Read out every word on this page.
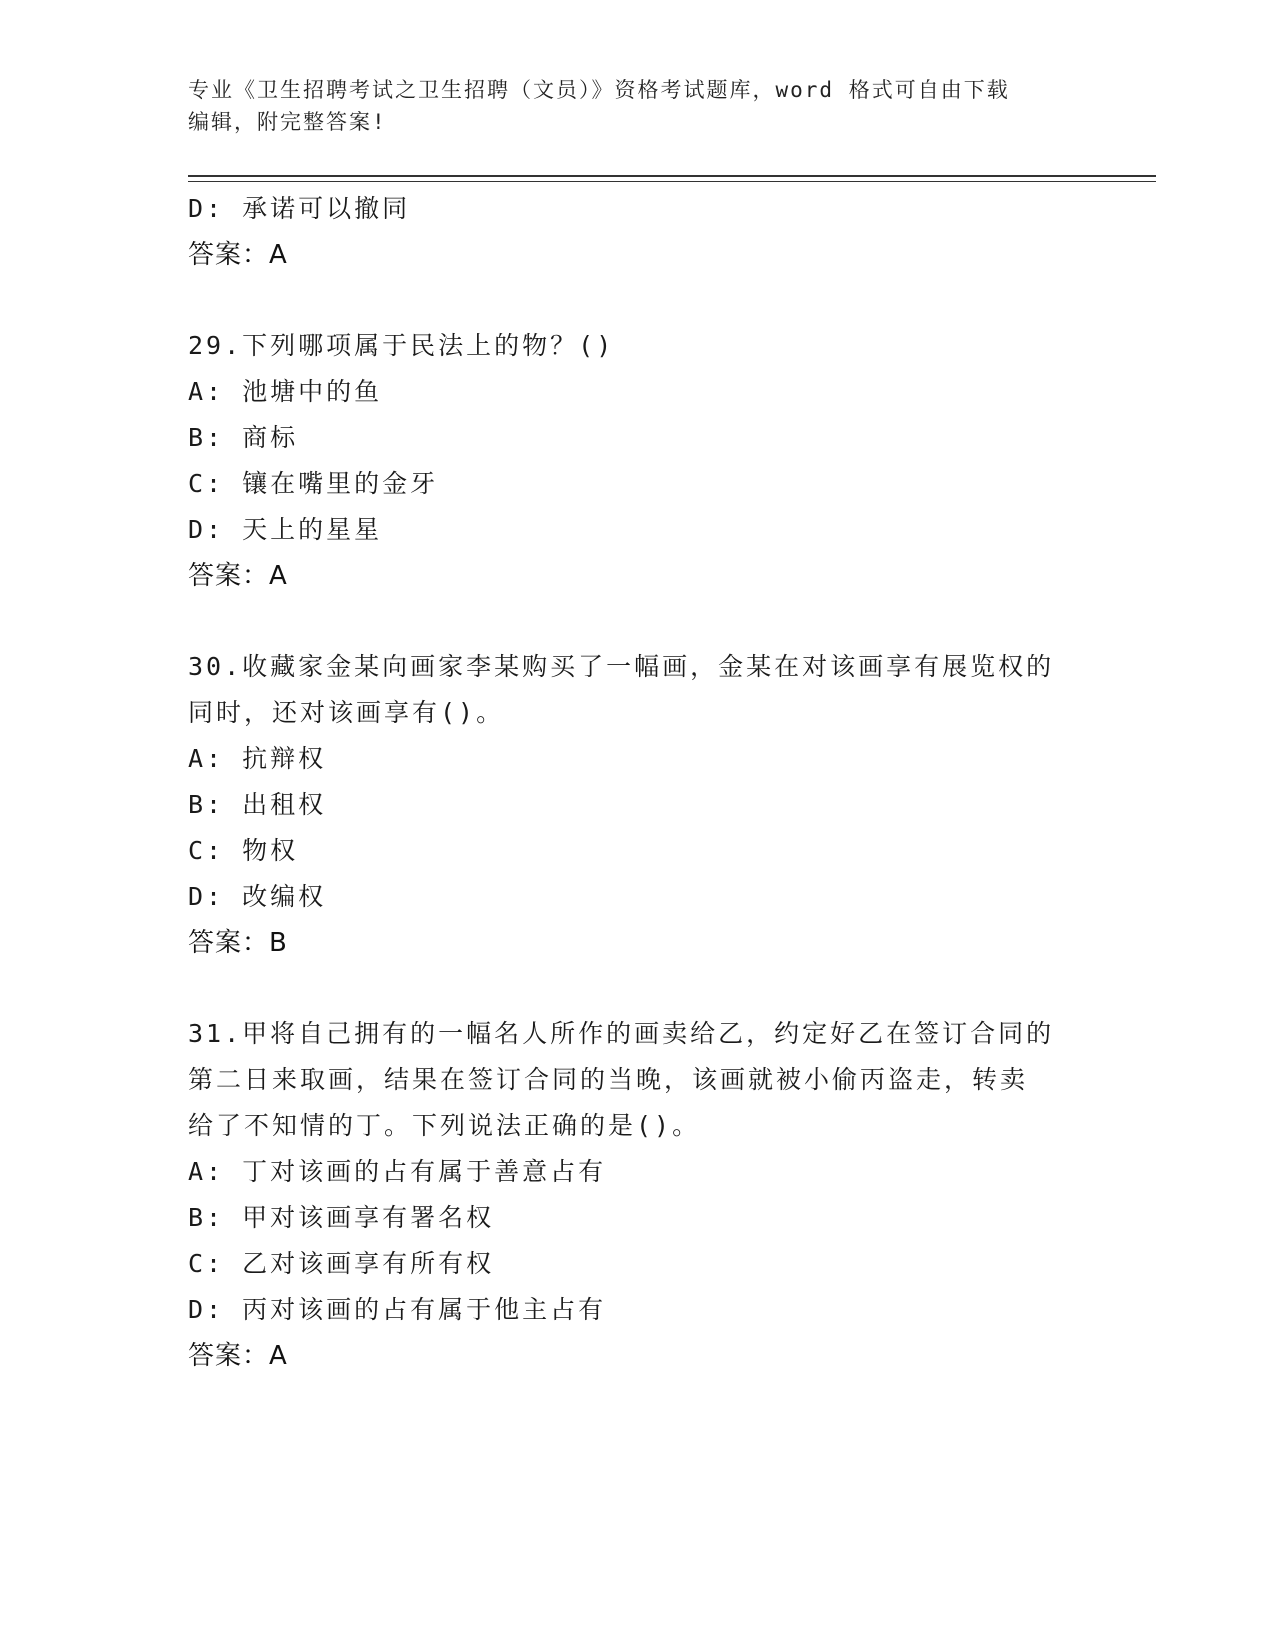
专业《卫生招聘考试之卫生招聘（文员）》资格考试题库，word 格式可自由下载
编辑，附完整答案!
D: 承诺可以撤同
答案：A
29.下列哪项属于民法上的物？()
A: 池塘中的鱼
B: 商标
C: 镶在嘴里的金牙
D: 天上的星星
答案：A
30.收藏家金某向画家李某购买了一幅画，金某在对该画享有展览权的
同时，还对该画享有()。
A: 抗辩权
B: 出租权
C: 物权
D: 改编权
答案：B
31.甲将自己拥有的一幅名人所作的画卖给乙，约定好乙在签订合同的
第二日来取画，结果在签订合同的当晚，该画就被小偷丙盗走，转卖
给了不知情的丁。下列说法正确的是()。
A: 丁对该画的占有属于善意占有
B: 甲对该画享有署名权
C: 乙对该画享有所有权
D: 丙对该画的占有属于他主占有
答案：A
